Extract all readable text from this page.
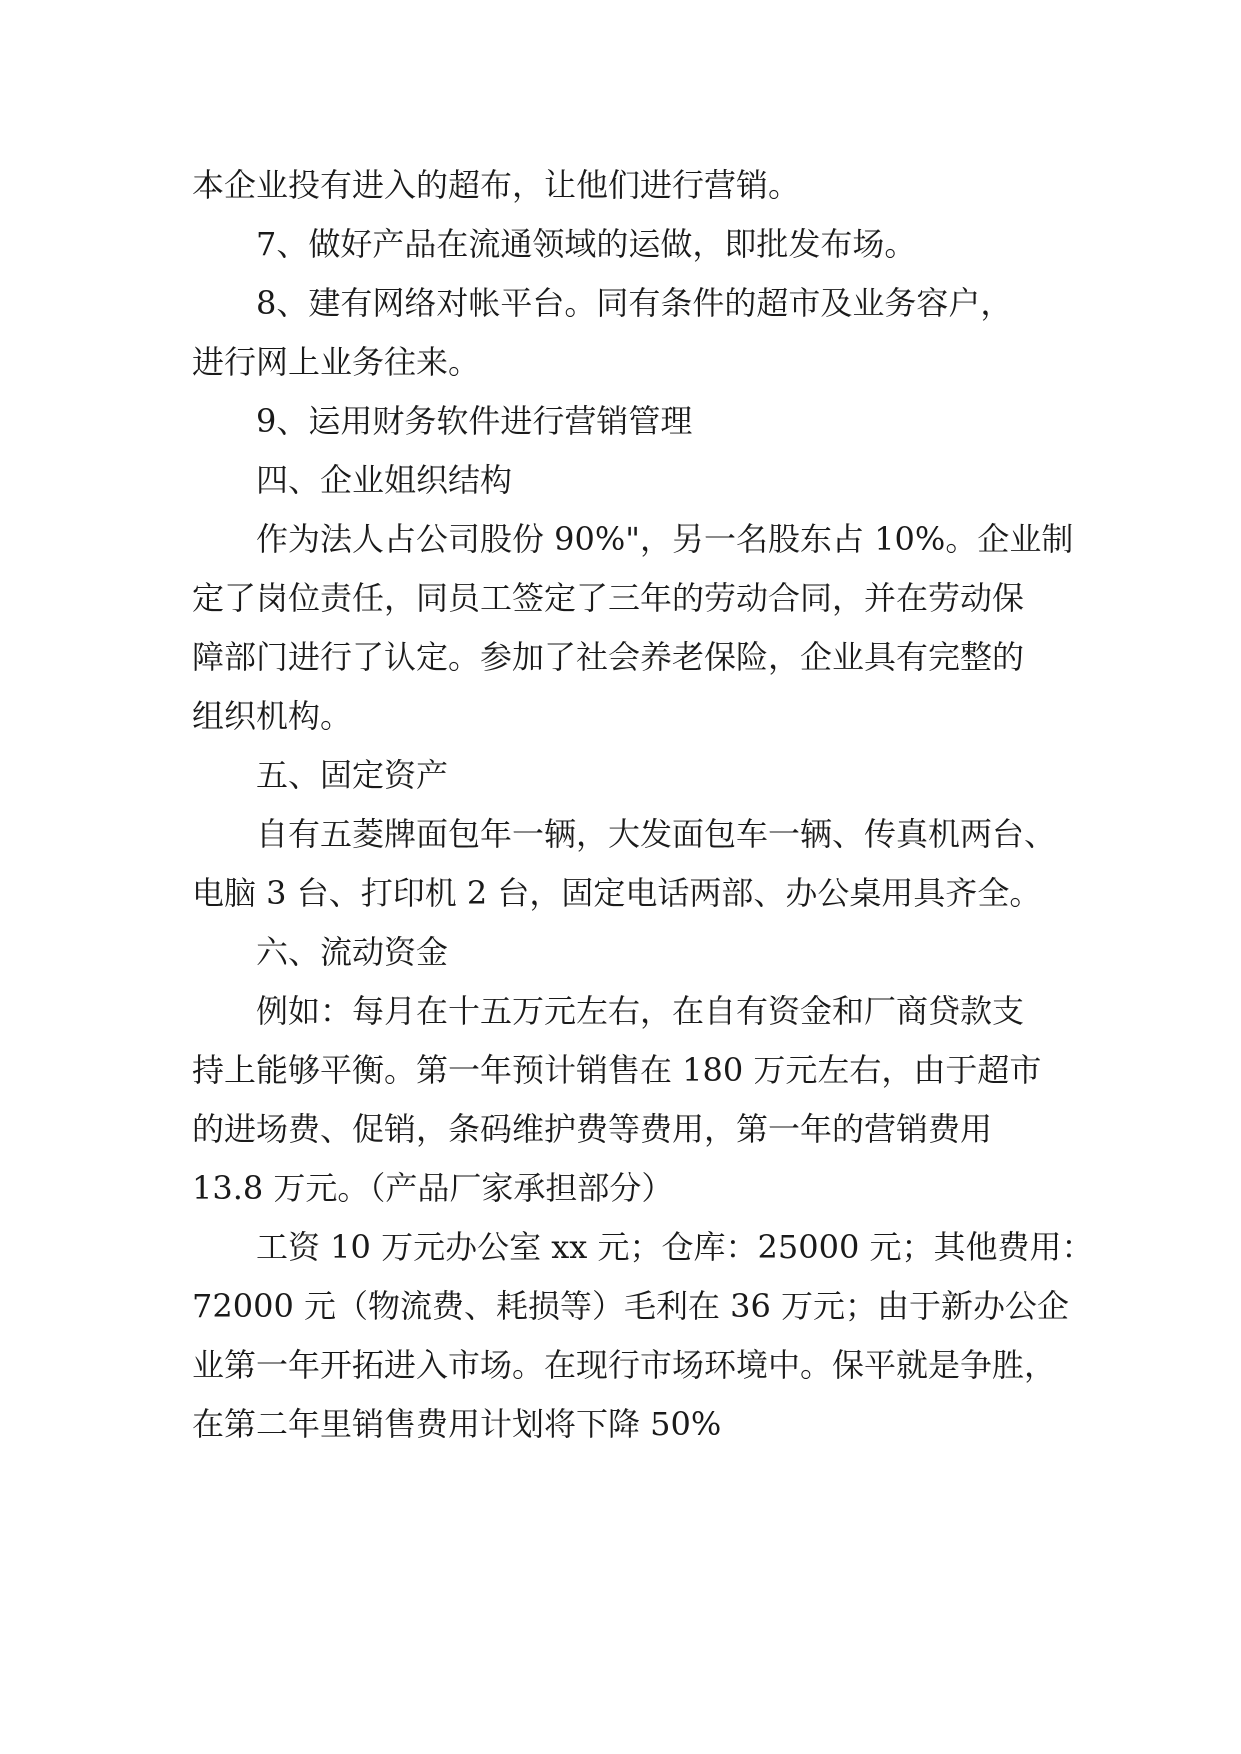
本企业投有进入的超布，让他们进行营销。

7、做好产品在流通领域的运做，即批发布场。

8、建有网络对帐平台。同有条件的超市及业务容户，

进行网上业务往来。

9、运用财务软件进行营销管理

四、企业姐织结构

作为法人占公司股份 90%"，另一名股东占 10%。企业制

定了岗位责任，同员工签定了三年的劳动合同，并在劳动保

障部门进行了认定。参加了社会养老保险，企业具有完整的

组织机构。

五、固定资产

自有五菱牌面包年一辆，大发面包车一辆、传真机两台、

电脑 3 台、打印机 2 台，固定电话两部、办公桌用具齐全。

六、流动资金

例如：每月在十五万元左右，在自有资金和厂商贷款支

持上能够平衡。第一年预计销售在 180 万元左右，由于超市

的进场费、促销，条码维护费等费用，第一年的营销费用

13.8 万元。（产品厂家承担部分）

工资 10 万元办公室 xx 元；仓库：25000 元；其他费用：

72000 元（物流费、耗损等）毛利在 36 万元；由于新办公企

业第一年开拓进入市场。在现行市场环境中。保平就是争胜，

在第二年里销售费用计划将下降 50%
